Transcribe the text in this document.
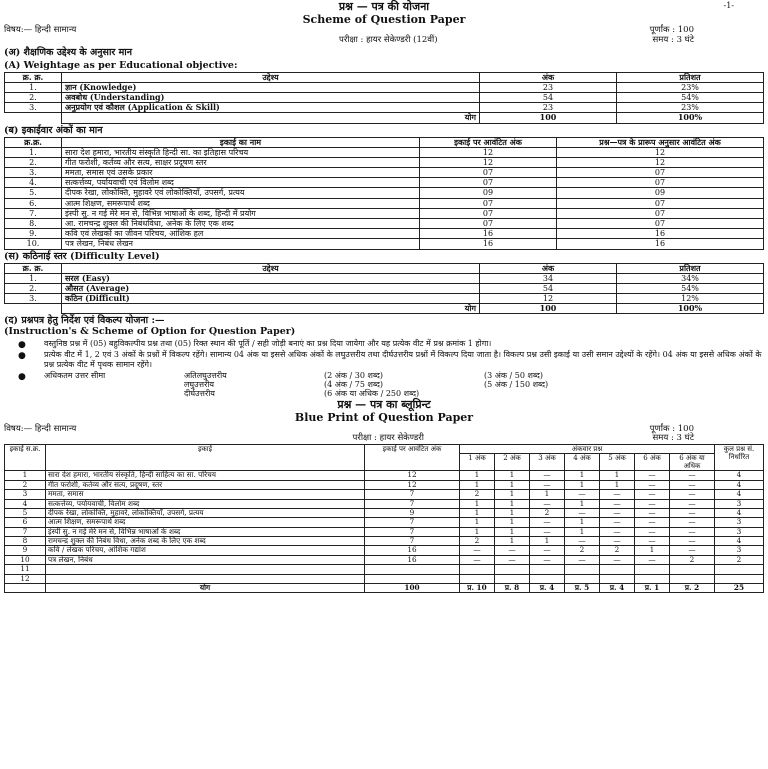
-1-
प्रश्न — पत्र की योजना
Scheme of Question Paper
विषय:— हिन्दी सामान्य	पूर्णांक : 100
परीक्षा : हायर सेकेण्डरी (12वीं)	समय : 3 घंटे
(अ) शैक्षणिक उद्देश्य के अनुसार मान
(A) Weightage as per Educational objective:
क्र. क्र.	उद्देश्य	अंक	प्रतिशत
1.	ज्ञान (Knowledge)	23	23%
2.	अवबोध (Understanding)	54	54%
3.	अनुप्रयोग एवं कौशल (Application & Skill)	23	23%
	योग	100	100%
(ब) इकाईवार अंकों का मान
क्र.क्र.	इकाई का नाम	इकाई पर आवंटित अंक	प्रश्न—पत्र के प्रारूप अनुसार आवंटित अंक
1.	सारा देश हमारा, भारतीय संस्कृति हिन्दी सा. का इतिहास परिचय	12	12
2.	गीत फरोशी, कर्तव्य और सत्य, साक्षर प्रदूषण स्तर	12	12
3.	ममता, समास एवं उसके प्रकार	07	07
4.	सत्कर्त्तव्य, पर्यायवाची एवं विलोम शब्द	07	07
5.	दीपक रेखा, लोकोक्ति, मुहावरे एवं लोकोक्तियाँ, उपसर्ग, प्रत्यय	09	09
6.	आत्म शिक्षण, समरूपार्थ शब्द	07	07
7.	इंस्पी सु. न गई मेरे मन से, विभिन्न भाषाओं के शब्द, हिन्दी में प्रयोग	07	07
8.	आ. रामचन्द्र शुक्ल की निबंधविधा, अनेक के लिए एक शब्द	07	07
9.	कवि एवं लेखकों का जीवन परिचय, आंशिक हल	16	16
10.	पत्र लेखन, निबंध लेखन	16	16
(स) कठिनाई स्तर (Difficulty Level)
क्र. क्र.	उद्देश्य	अंक	प्रतिशत
1.	सरल (Easy)	34	34%
2.	औसत (Average)	54	54%
3.	कठिन (Difficult)	12	12%
	योग	100	100%
(द) प्रश्नपत्र हेतु निर्देश एवं विकल्प योजना :—
(Instruction's & Scheme of Option for Question Paper)
● वस्तुनिष्ठ प्रश्न में (05) बहुविकल्पीय प्रश्न तथा (05) रिक्त स्थान की पूर्ति / सही जोड़ी बनाएं का प्रश्न दिया जायेगा और यह प्रत्येक वीट में प्रश्न क्रमांक 1 होगा।
● प्रत्येक वीट में 1, 2 एवं 3 अंकों के प्रश्नों में विकल्प रहेंगे। सामान्य 04 अंक या इससे अधिक अंकों के लघुउत्तरीय तथा दीर्घउत्तरीय प्रश्नों में विकल्प दिया जाता है। विकल्प प्रश्न उसी इकाई या उसी समान उद्देश्यों के रहेंगे। 04 अंक या इससे अधिक अंकों के प्रश्न प्रत्येक वीट में पृथक सामान रहेंगे।
● अधिकतम उत्तर सीमा	अतिलघुउत्तरीय	(2 अंक / 30 शब्द)	(3 अंक / 50 शब्द)
लघुउत्तरीय	(4 अंक / 75 शब्द)	(5 अंक / 150 शब्द)
दीर्घउत्तरीय	(6 अंक या अधिक / 250 शब्द)
प्रश्न — पत्र का ब्लूप्रिन्ट
Blue Print of Question Paper
विषय:— हिन्दी सामान्य	पूर्णांक : 100
परीक्षा : हायर सेकेण्डरी	समय : 3 घंटे
इकाई स.क्र.	इकाई	इकाई पर आवंटित अंक	अंकवार प्रश्न							कुल प्रश्न सं. निर्धारित
			1 अंक	2 अंक	3 अंक	4 अंक	5 अंक	6 अंक	6 अंक या अधिक	
1	सारा देश हमारा, भारतीय संस्कृति, हिन्दी साहित्य का सा. परिचय	12	1	1	—	1	1	—	—	4
2	गीत फरोशी, कर्तव्य और सत्य, प्रदूषण, स्तर	12	1	1	—	1	1	—	—	4
3	ममता, समास	7	2	1	1	—	—	—	—	4
4	सत्कर्त्तव्य, पर्यायवाची, विलोम शब्द	7	1	1	—	1	—	—	—	3
5	दीपक रेखा, लोकोक्ति, मुहावरे, लोकोक्तियाँ, उपसर्ग, प्रत्यय	9	1	1	2	—	—	—	—	4
6	आत्म शिक्षण, समरूपार्थ शब्द	7	1	1	—	1	—	—	—	3
7	इंस्पी सु. न गई मेरे मन से, विभिन्न भाषाओं के शब्द	7	1	1	—	1	—	—	—	3
8	रामचन्द्र शुक्ल की निबंध विधा, अनेक शब्द के लिए एक शब्द	7	2	1	1	—	—	—	—	4
9	कवि / लेखक परिचय, आंशिक गद्यांश	16	—	—	—	2	2	1	—	3
10	पत्र लेखन, निबंध	16	—	—	—	—	—	—	2	2
11										
12										
	योग	100	प्र. 10	प्र. 8	प्र. 4	प्र. 5	प्र. 4	प्र. 1	प्र. 2	25
